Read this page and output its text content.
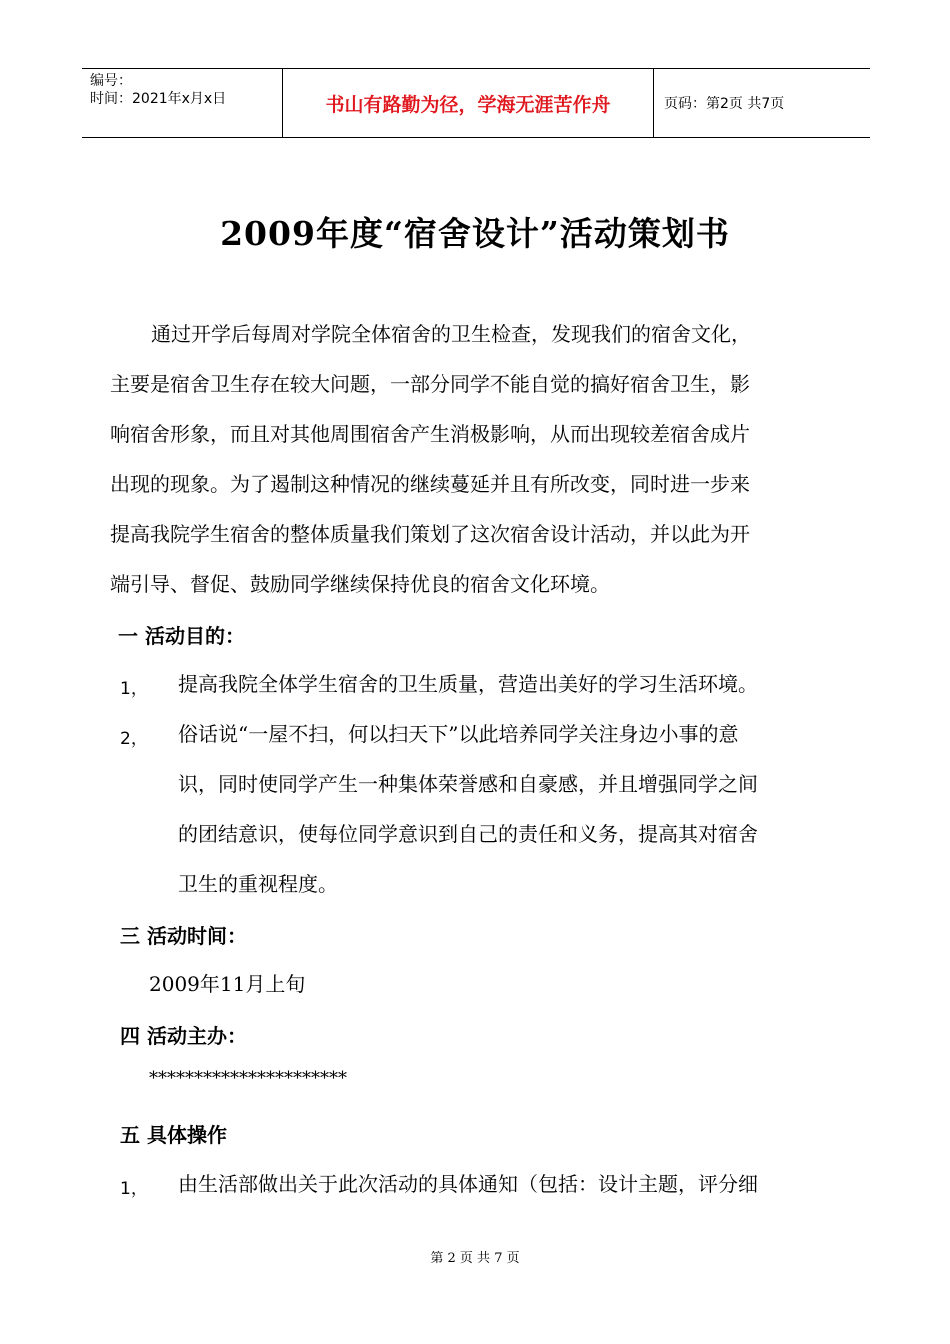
编号：
时间：2021年x月x日	书山有路勤为径，学海无涯苦作舟	页码：第2页 共7页
2009年度“宿舍设计”活动策划书
通过开学后每周对学院全体宿舍的卫生检查，发现我们的宿舍文化，
主要是宿舍卫生存在较大问题，一部分同学不能自觉的搞好宿舍卫生，影
响宿舍形象，而且对其他周围宿舍产生消极影响，从而出现较差宿舍成片
出现的现象。为了遏制这种情况的继续蔓延并且有所改变，同时进一步来
提高我院学生宿舍的整体质量我们策划了这次宿舍设计活动，并以此为开
端引导、督促、鼓励同学继续保持优良的宿舍文化环境。
一 活动目的：
1， 提高我院全体学生宿舍的卫生质量，营造出美好的学习生活环境。
2， 俗话说“一屋不扫，何以扫天下”以此培养同学关注身边小事的意
识，同时使同学产生一种集体荣誉感和自豪感，并且增强同学之间
的团结意识，使每位同学意识到自己的责任和义务，提高其对宿舍
卫生的重视程度。
三 活动时间：
2009年11月上旬
四 活动主办：
**********************
五 具体操作
1， 由生活部做出关于此次活动的具体通知（包括：设计主题，评分细
第 2 页 共 7 页
